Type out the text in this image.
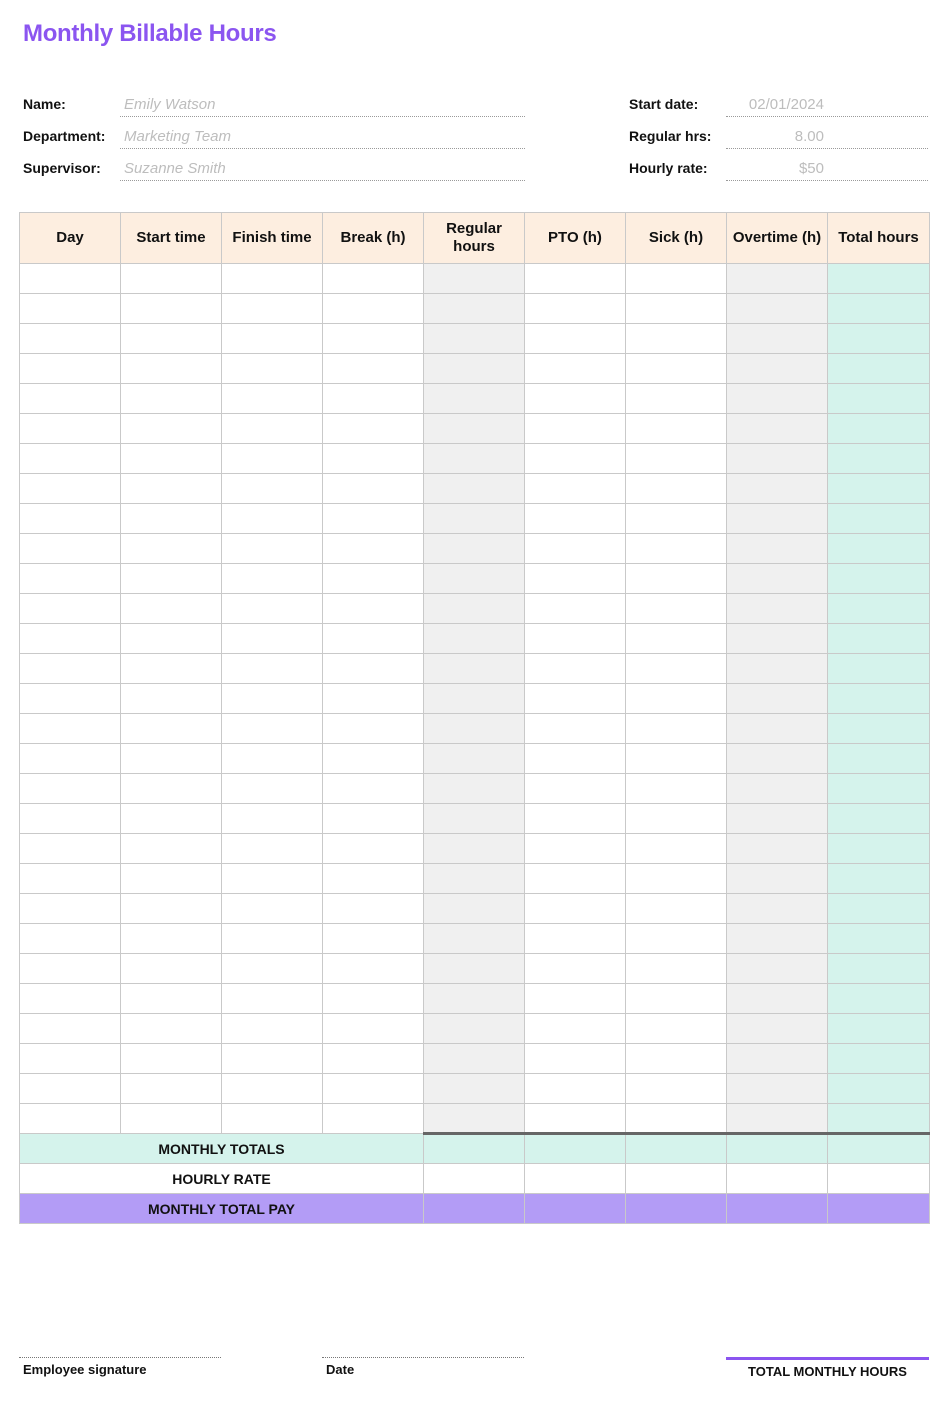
Monthly Billable Hours
Name:	Emily Watson
Department: Marketing Team
Supervisor: Suzanne Smith
Start date:	02/01/2024
Regular hrs:	8.00
Hourly rate:	$50
Day	Start time	Finish time	Break (h)	Regular hours	PTO (h)	Sick (h)	Overtime (h)	Total hours

MONTHLY TOTALS								
HOURLY RATE								
MONTHLY TOTAL PAY								
Employee signature	Date	TOTAL MONTHLY HOURS
